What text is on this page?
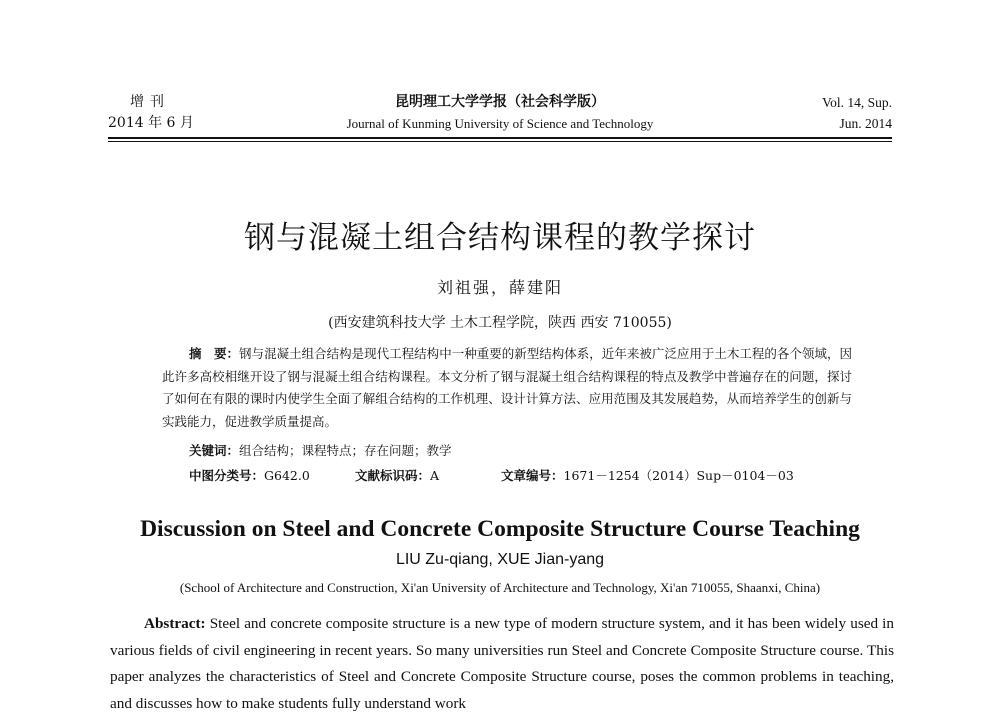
增刊
2014 年 6 月
昆明理工大学学报（社会科学版）
Journal of Kunming University of Science and Technology
Vol. 14, Sup.
Jun. 2014
钢与混凝土组合结构课程的教学探讨
刘祖强，薛建阳
(西安建筑科技大学 土木工程学院，陕西 西安 710055)

摘　要：钢与混凝土组合结构是现代工程结构中一种重要的新型结构体系，近年来被广泛应用于土木工程的各个领域，因此许多高校相继开设了钢与混凝土组合结构课程。本文分析了钢与混凝土组合结构课程的特点及教学中普遍存在的问题，探讨了如何在有限的课时内使学生全面了解组合结构的工作机理、设计计算方法、应用范围及其发展趋势，从而培养学生的创新与实践能力，促进教学质量提高。

关键词：组合结构；课程特点；存在问题；教学
中图分类号：G642.0	文献标识码：A	文章编号：1671－1254（2014）Sup－0104－03
Discussion on Steel and Concrete Composite Structure Course Teaching
LIU Zu-qiang, XUE Jian-yang
(School of Architecture and Construction, Xi'an University of Architecture and Technology, Xi'an 710055, Shaanxi, China)

Abstract: Steel and concrete composite structure is a new type of modern structure system, and it has been widely used in various fields of civil engineering in recent years. So many universities run Steel and Concrete Composite Structure course. This paper analyzes the characteristics of Steel and Concrete Composite Structure course, poses the common problems in teaching, and discusses how to make students fully understand work
